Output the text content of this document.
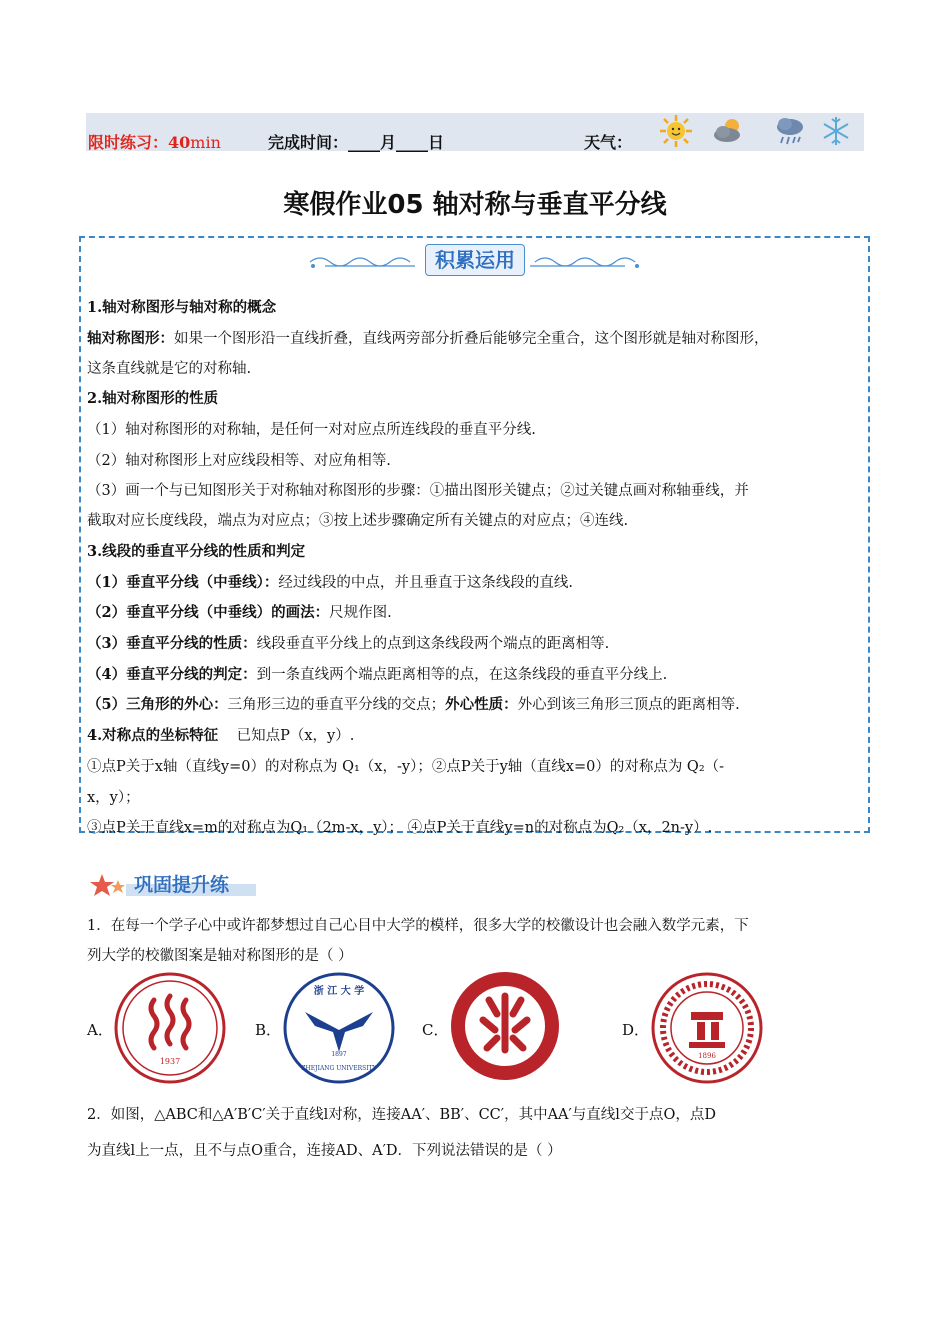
限时练习：40min	完成时间：____月____日	天气：
寒假作业05 轴对称与垂直平分线
积累运用
1.轴对称图形与轴对称的概念
轴对称图形：如果一个图形沿一直线折叠，直线两旁部分折叠后能够完全重合，这个图形就是轴对称图形，
这条直线就是它的对称轴.
2.轴对称图形的性质
（1）轴对称图形的对称轴，是任何一对对应点所连线段的垂直平分线.
（2）轴对称图形上对应线段相等、对应角相等.
（3）画一个与已知图形关于对称轴对称图形的步骤：①描出图形关键点；②过关键点画对称轴垂线，并
截取对应长度线段，端点为对应点；③按上述步骤确定所有关键点的对应点；④连线.
3.线段的垂直平分线的性质和判定
（1）垂直平分线（中垂线）：经过线段的中点，并且垂直于这条线段的直线.
（2）垂直平分线（中垂线）的画法：尺规作图.
（3）垂直平分线的性质：线段垂直平分线上的点到这条线段两个端点的距离相等.
（4）垂直平分线的判定：到一条直线两个端点距离相等的点，在这条线段的垂直平分线上.
（5）三角形的外心：三角形三边的垂直平分线的交点；外心性质：外心到该三角形三顶点的距离相等.
4.对称点的坐标特征 已知点P（x，y）.
①点P关于x轴（直线y=0）的对称点为 Q₁（x，-y）；②点P关于y轴（直线x=0）的对称点为 Q₂（-
x，y）；
③点P关于直线x=m的对称点为Q₁（2m-x，y）； ④点P关于直线y=n的对称点为Q₂（x，2n-y）.
巩固提升练
1．在每一个学子心中或许都梦想过自己心目中大学的模样，很多大学的校徽设计也会融入数学元素，下
列大学的校徽图案是轴对称图形的是（ ）
A．
1937
B．
浙 江 大 学
1897
ZHEJIANG UNIVERSITY
C．	D．
1896
2．如图，△ABC和△A′B′C′关于直线l对称，连接AA′、BB′、CC′，其中AA′与直线l交于点O，点D
为直线l上一点，且不与点O重合，连接AD、A′D．下列说法错误的是（ ）
